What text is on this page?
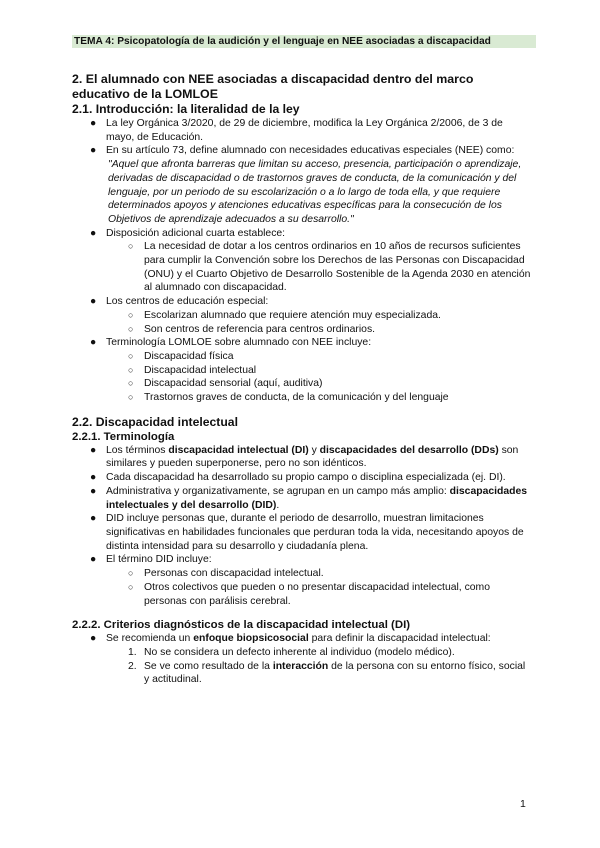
TEMA 4: Psicopatología de la audición y el lenguaje en NEE asociadas a discapacidad
2. El alumnado con NEE asociadas a discapacidad dentro del marco educativo de la LOMLOE
2.1. Introducción: la literalidad de la ley
● La ley Orgánica 3/2020, de 29 de diciembre, modifica la Ley Orgánica 2/2006, de 3 de mayo, de Educación.
● En su artículo 73, define alumnado con necesidades educativas especiales (NEE) como:
"Aquel que afronta barreras que limitan su acceso, presencia, participación o aprendizaje, derivadas de discapacidad o de trastornos graves de conducta, de la comunicación y del lenguaje, por un periodo de su escolarización o a lo largo de toda ella, y que requiere determinados apoyos y atenciones educativas específicas para la consecución de los Objetivos de aprendizaje adecuados a su desarrollo."
● Disposición adicional cuarta establece:
○ La necesidad de dotar a los centros ordinarios en 10 años de recursos suficientes para cumplir la Convención sobre los Derechos de las Personas con Discapacidad (ONU) y el Cuarto Objetivo de Desarrollo Sostenible de la Agenda 2030 en atención al alumnado con discapacidad.
● Los centros de educación especial:
○ Escolarizan alumnado que requiere atención muy especializada.
○ Son centros de referencia para centros ordinarios.
● Terminología LOMLOE sobre alumnado con NEE incluye:
○ Discapacidad física
○ Discapacidad intelectual
○ Discapacidad sensorial (aquí, auditiva)
○ Trastornos graves de conducta, de la comunicación y del lenguaje
2.2. Discapacidad intelectual
2.2.1. Terminología
● Los términos discapacidad intelectual (DI) y discapacidades del desarrollo (DDs) son similares y pueden superponerse, pero no son idénticos.
● Cada discapacidad ha desarrollado su propio campo o disciplina especializada (ej. DI).
● Administrativa y organizativamente, se agrupan en un campo más amplio: discapacidades intelectuales y del desarrollo (DID).
● DID incluye personas que, durante el periodo de desarrollo, muestran limitaciones significativas en habilidades funcionales que perduran toda la vida, necesitando apoyos de distinta intensidad para su desarrollo y ciudadanía plena.
● El término DID incluye:
○ Personas con discapacidad intelectual.
○ Otros colectivos que pueden o no presentar discapacidad intelectual, como personas con parálisis cerebral.
2.2.2. Criterios diagnósticos de la discapacidad intelectual (DI)
● Se recomienda un enfoque biopsicosocial para definir la discapacidad intelectual:
1. No se considera un defecto inherente al individuo (modelo médico).
2. Se ve como resultado de la interacción de la persona con su entorno físico, social y actitudinal.
1
